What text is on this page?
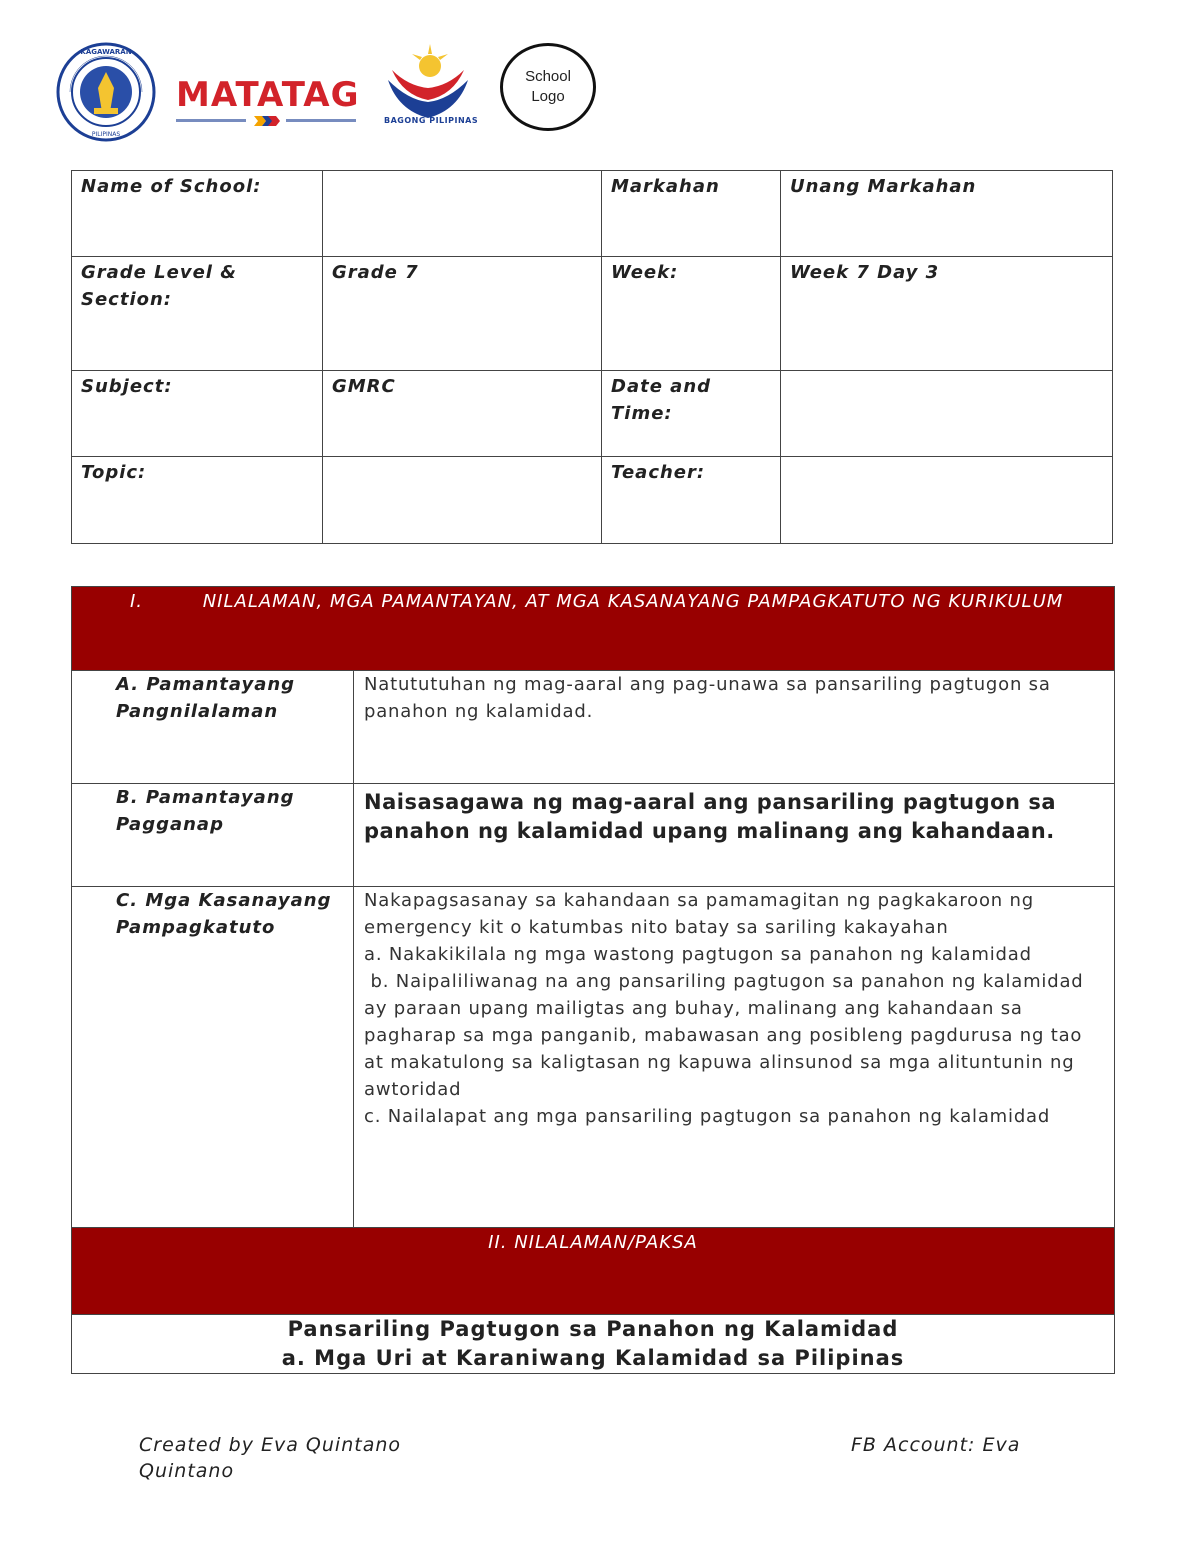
KAGAWARAN
PILIPINAS
MATATAG
BAGONG PILIPINAS
School
Logo
Name of School:		Markahan	Unang Markahan
Grade Level & Section:	Grade 7	Week:	Week 7 Day 3
Subject:	GMRC	Date and Time:	
Topic:		Teacher:	
I. NILALAMAN, MGA PAMANTAYAN, AT MGA KASANAYANG PAMPAGKATUTO NG KURIKULUM	
A. Pamantayang Pangnilalaman	Natututuhan ng mag-aaral ang pag-unawa sa pansariling pagtugon sa panahon ng kalamidad.
B. Pamantayang Pagganap	Naisasagawa ng mag-aaral ang pansariling pagtugon sa panahon ng kalamidad upang malinang ang kahandaan.
C. Mga Kasanayang Pampagkatuto	Nakapagsasanay sa kahandaan sa pamamagitan ng pagkakaroon ng emergency kit o katumbas nito batay sa sariling kakayahan
a. Nakakikilala ng mga wastong pagtugon sa panahon ng kalamidad
b. Naipaliliwanag na ang pansariling pagtugon sa panahon ng kalamidad ay paraan upang mailigtas ang buhay, malinang ang kahandaan sa pagharap sa mga panganib, mabawasan ang posibleng pagdurusa ng tao at makatulong sa kaligtasan ng kapuwa alinsunod sa mga alituntunin ng awtoridad
c. Nailalapat ang mga pansariling pagtugon sa panahon ng kalamidad

II. NILALAMAN/PAKSA	

Pansariling Pagtugon sa Panahon ng Kalamidad
a. Mga Uri at Karaniwang Kalamidad sa Pilipinas	
Created by Eva Quintano
Quintano
FB Account: Eva
